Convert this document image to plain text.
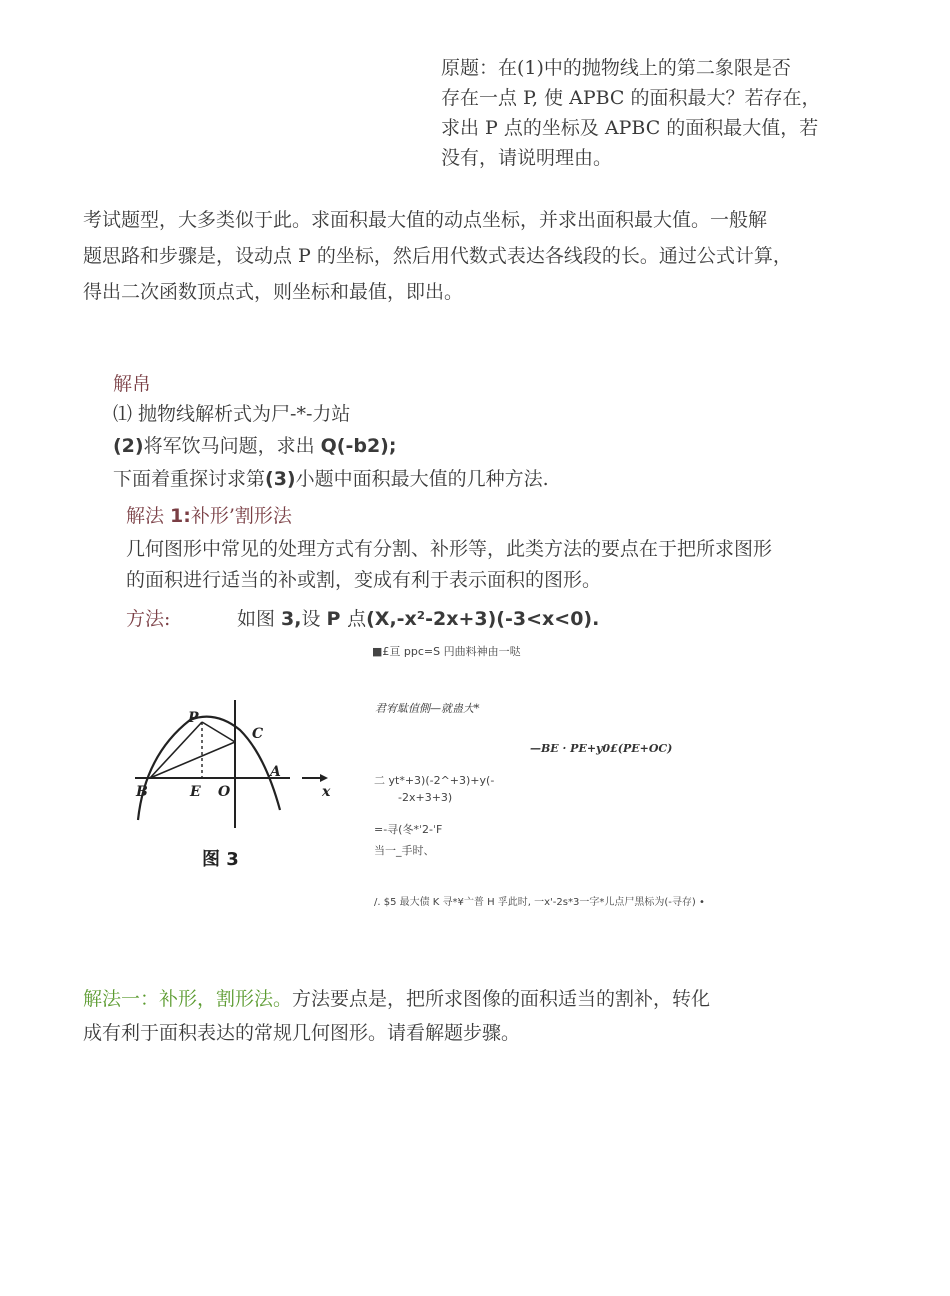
原题：在(1)中的抛物线上的第二象限是否
存在一点 P, 使 APBC 的面积最大？若存在，
求出 P 点的坐标及 APBC 的面积最大值，若
没有，请说明理由。
考试题型，大多类似于此。求面积最大值的动点坐标，并求出面积最大值。一般解
题思路和步骤是，设动点 P 的坐标，然后用代数式表达各线段的长。通过公式计算，
得出二次函数顶点式，则坐标和最值，即出。
解帛
⑴ 抛物线解析式为尸-*-力站
(2)将军饮马问题，求出 Q(-b2);
下面着重探讨求第(3)小题中面积最大值的几种方法.
解法 1:补形’割形法
几何图形中常见的处理方式有分割、补形等，此类方法的要点在于把所求图形
的面积进行适当的补或割，变成有利于表示面积的图形。
方法:	如图 3,设 P 点(X,-x²-2x+3)(-3<x<0).
■£亘 ppc=S 円曲料神由一哒
君宥駄值側—就蛊大*
—BE · PE+y0£(PE+OC)
二 yt*+3)(-2^+3)+y(-
-2x+3+3)
=-寻(冬*ˈ2-ˈF
当一_手时、
/. $5 最大债 K 寻*¥亠普 H 孚此时, 一x'-2s*3一字*儿点尸黑标为(-寻存) •
P
C
B	E O
A
x
图 3
解法一：补形，割形法。方法要点是，把所求图像的面积适当的割补，转化
成有利于面积表达的常规几何图形。请看解题步骤。
